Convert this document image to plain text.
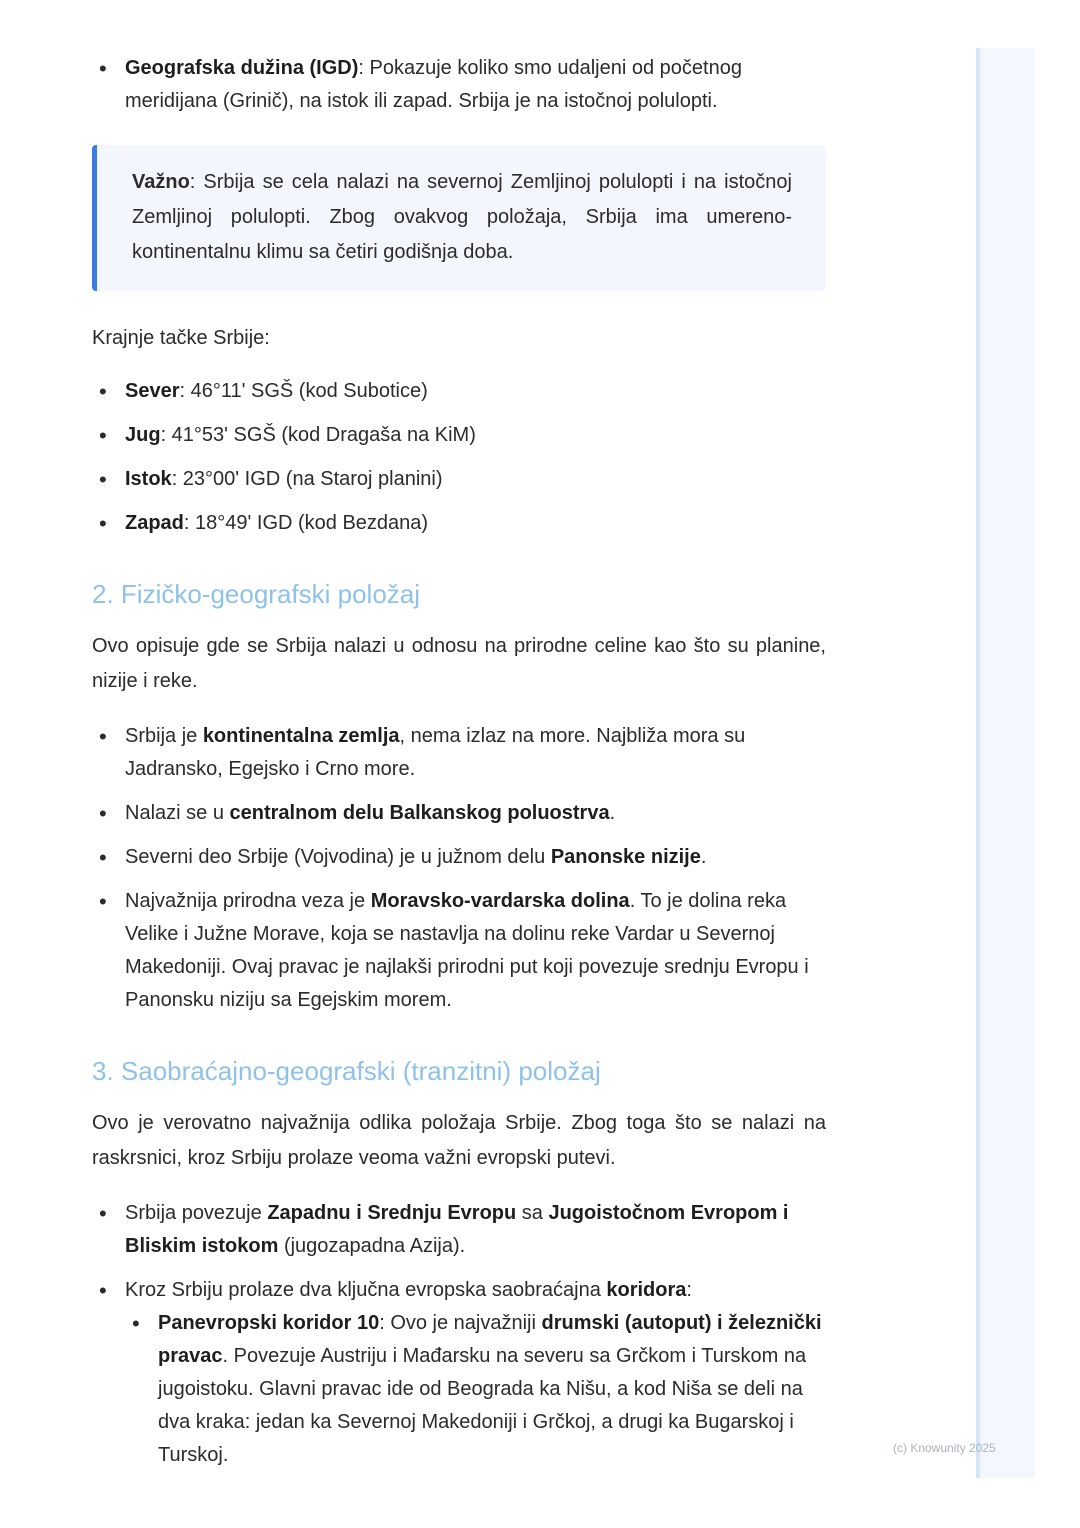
• Geografska dužina (IGD): Pokazuje koliko smo udaljeni od početnog meridijana (Grinič), na istok ili zapad. Srbija je na istočnoj polulopti.

Važno: Srbija se cela nalazi na severnoj Zemljinoj polulopti i na istočnoj Zemljinoj polulopti. Zbog ovakvog položaja, Srbija ima umereno-kontinentalnu klimu sa četiri godišnja doba.

Krajnje tačke Srbije:

• Sever: 46°11' SGŠ (kod Subotice)
• Jug: 41°53' SGŠ (kod Dragaša na KiM)
• Istok: 23°00' IGD (na Staroj planini)
• Zapad: 18°49' IGD (kod Bezdana)
2. Fizičko-geografski položaj

Ovo opisuje gde se Srbija nalazi u odnosu na prirodne celine kao što su planine, nizije i reke.

• Srbija je kontinentalna zemlja, nema izlaz na more. Najbliža mora su Jadransko, Egejsko i Crno more.
• Nalazi se u centralnom delu Balkanskog poluostrva.
• Severni deo Srbije (Vojvodina) je u južnom delu Panonske nizije.
• Najvažnija prirodna veza je Moravsko-vardarska dolina. To je dolina reka Velike i Južne Morave, koja se nastavlja na dolinu reke Vardar u Severnoj Makedoniji. Ovaj pravac je najlakši prirodni put koji povezuje srednju Evropu i Panonsku niziju sa Egejskim morem.
3. Saobraćajno-geografski (tranzitni) položaj

Ovo je verovatno najvažnija odlika položaja Srbije. Zbog toga što se nalazi na raskrsnici, kroz Srbiju prolaze veoma važni evropski putevi.

• Srbija povezuje Zapadnu i Srednju Evropu sa Jugoistočnom Evropom i Bliskim istokom (jugozapadna Azija).
• Kroz Srbiju prolaze dva ključna evropska saobraćajna koridora:
• Panevropski koridor 10: Ovo je najvažniji drumski (autoput) i železnički pravac. Povezuje Austriju i Mađarsku na severu sa Grčkom i Turskom na jugoistoku. Glavni pravac ide od Beograda ka Nišu, a kod Niša se deli na dva kraka: jedan ka Severnoj Makedoniji i Grčkoj, a drugi ka Bugarskoj i Turskoj.	(c) Knowunity 2025
